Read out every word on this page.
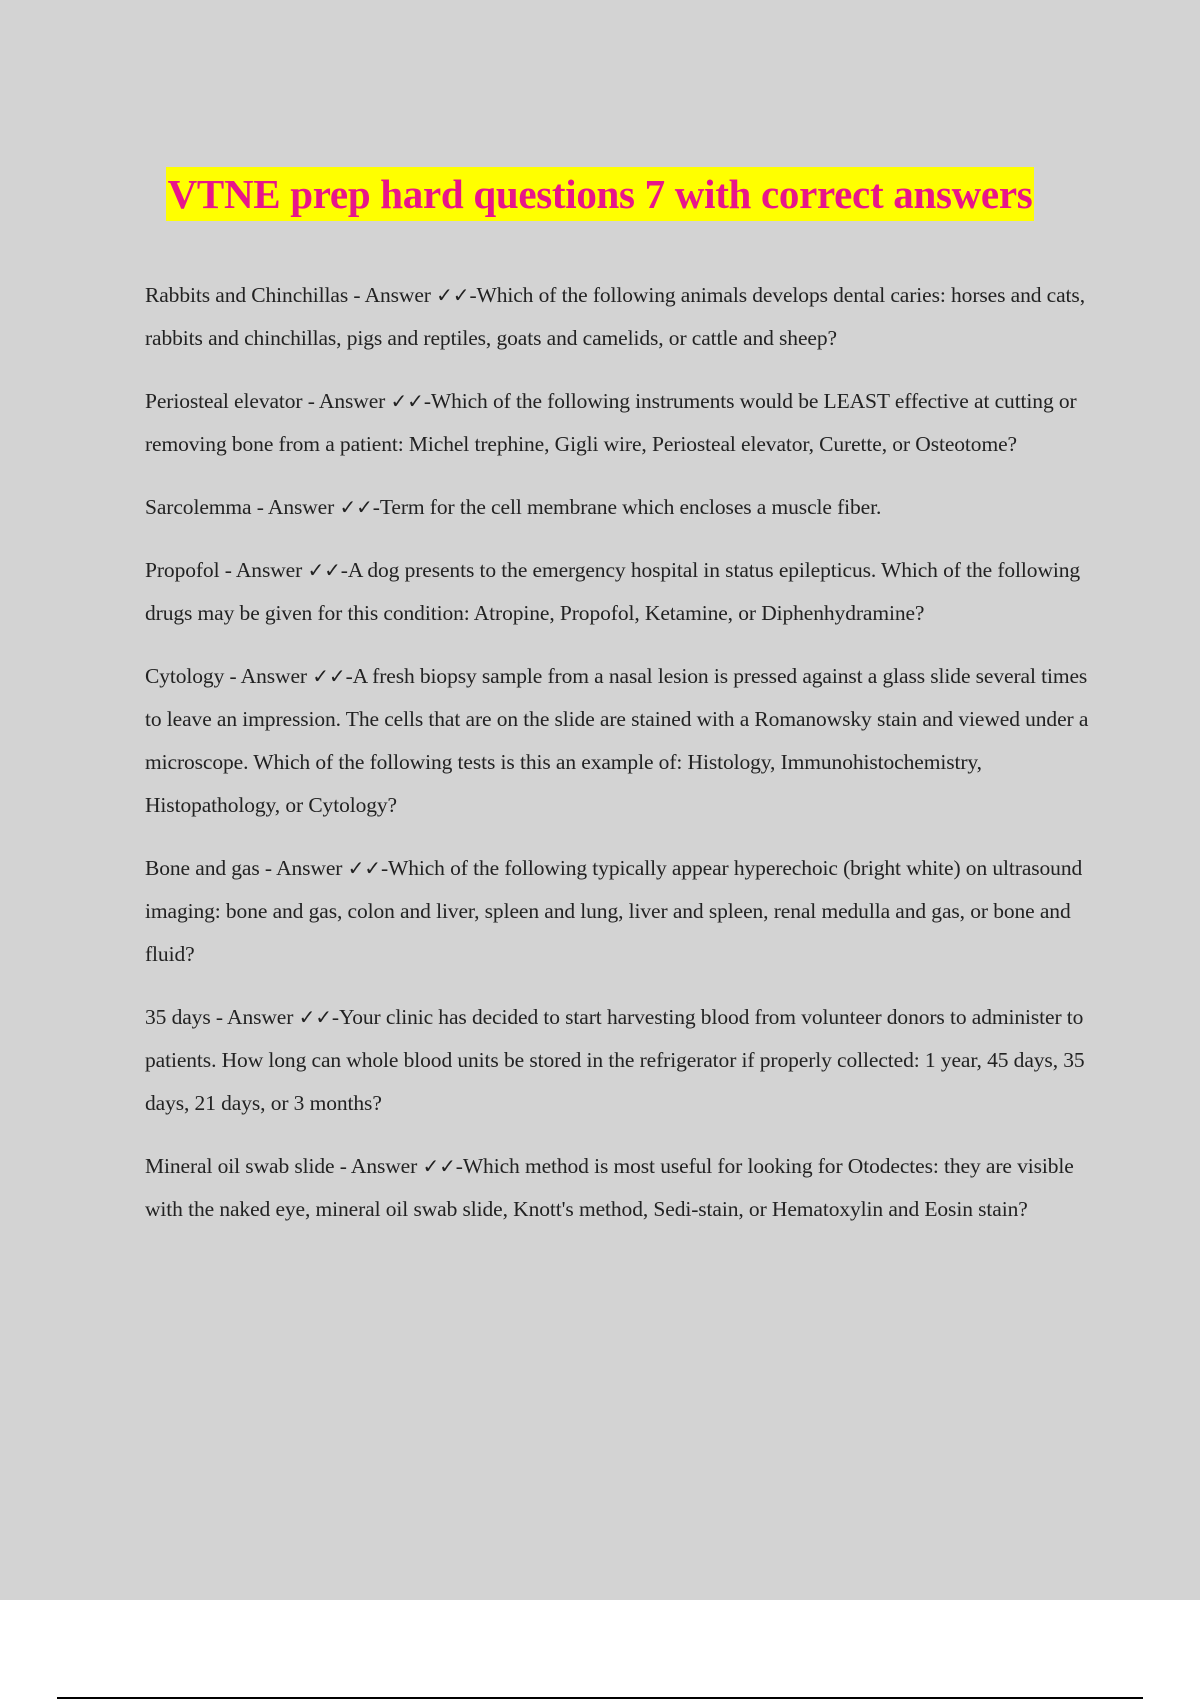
VTNE prep hard questions 7 with correct answers

Rabbits and Chinchillas - Answer ✓✓-Which of the following animals develops dental caries: horses and cats, rabbits and chinchillas, pigs and reptiles, goats and camelids, or cattle and sheep?

Periosteal elevator - Answer ✓✓-Which of the following instruments would be LEAST effective at cutting or removing bone from a patient: Michel trephine, Gigli wire, Periosteal elevator, Curette, or Osteotome?

Sarcolemma - Answer ✓✓-Term for the cell membrane which encloses a muscle fiber.

Propofol - Answer ✓✓-A dog presents to the emergency hospital in status epilepticus. Which of the following drugs may be given for this condition: Atropine, Propofol, Ketamine, or Diphenhydramine?

Cytology - Answer ✓✓-A fresh biopsy sample from a nasal lesion is pressed against a glass slide several times to leave an impression. The cells that are on the slide are stained with a Romanowsky stain and viewed under a microscope. Which of the following tests is this an example of: Histology, Immunohistochemistry, Histopathology, or Cytology?

Bone and gas - Answer ✓✓-Which of the following typically appear hyperechoic (bright white) on ultrasound imaging: bone and gas, colon and liver, spleen and lung, liver and spleen, renal medulla and gas, or bone and fluid?

35 days - Answer ✓✓-Your clinic has decided to start harvesting blood from volunteer donors to administer to patients. How long can whole blood units be stored in the refrigerator if properly collected: 1 year, 45 days, 35 days, 21 days, or 3 months?

Mineral oil swab slide - Answer ✓✓-Which method is most useful for looking for Otodectes: they are visible with the naked eye, mineral oil swab slide, Knott's method, Sedi-stain, or Hematoxylin and Eosin stain?
